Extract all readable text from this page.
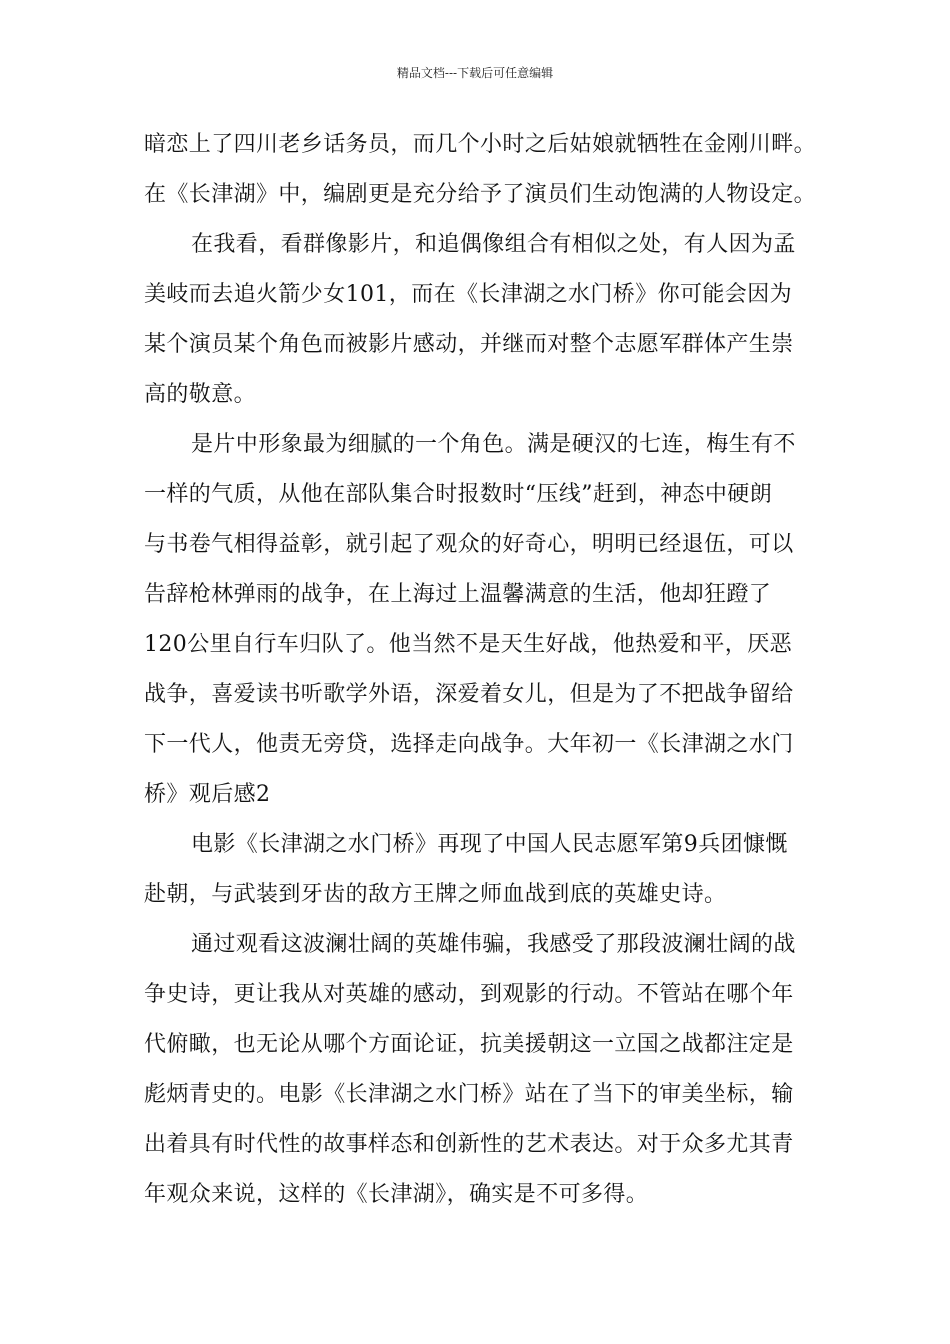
精品文档---下载后可任意编辑

暗恋上了四川老乡话务员，而几个小时之后姑娘就牺牲在金刚川畔。
在《长津湖》中，编剧更是充分给予了演员们生动饱满的人物设定。

在我看，看群像影片，和追偶像组合有相似之处，有人因为孟
美岐而去追火箭少女101，而在《长津湖之水门桥》你可能会因为
某个演员某个角色而被影片感动，并继而对整个志愿军群体产生崇
高的敬意。

是片中形象最为细腻的一个角色。满是硬汉的七连，梅生有不
一样的气质，从他在部队集合时报数时“压线”赶到，神态中硬朗
与书卷气相得益彰，就引起了观众的好奇心，明明已经退伍，可以
告辞枪林弹雨的战争，在上海过上温馨满意的生活，他却狂蹬了
120公里自行车归队了。他当然不是天生好战，他热爱和平，厌恶
战争，喜爱读书听歌学外语，深爱着女儿，但是为了不把战争留给
下一代人，他责无旁贷，选择走向战争。大年初一《长津湖之水门
桥》观后感2

电影《长津湖之水门桥》再现了中国人民志愿军第9兵团慷慨
赴朝，与武装到牙齿的敌方王牌之师血战到底的英雄史诗。

通过观看这波澜壮阔的英雄伟骗，我感受了那段波澜壮阔的战
争史诗，更让我从对英雄的感动，到观影的行动。不管站在哪个年
代俯瞰，也无论从哪个方面论证，抗美援朝这一立国之战都注定是
彪炳青史的。电影《长津湖之水门桥》站在了当下的审美坐标，输
出着具有时代性的故事样态和创新性的艺术表达。对于众多尤其青
年观众来说，这样的《长津湖》，确实是不可多得。
